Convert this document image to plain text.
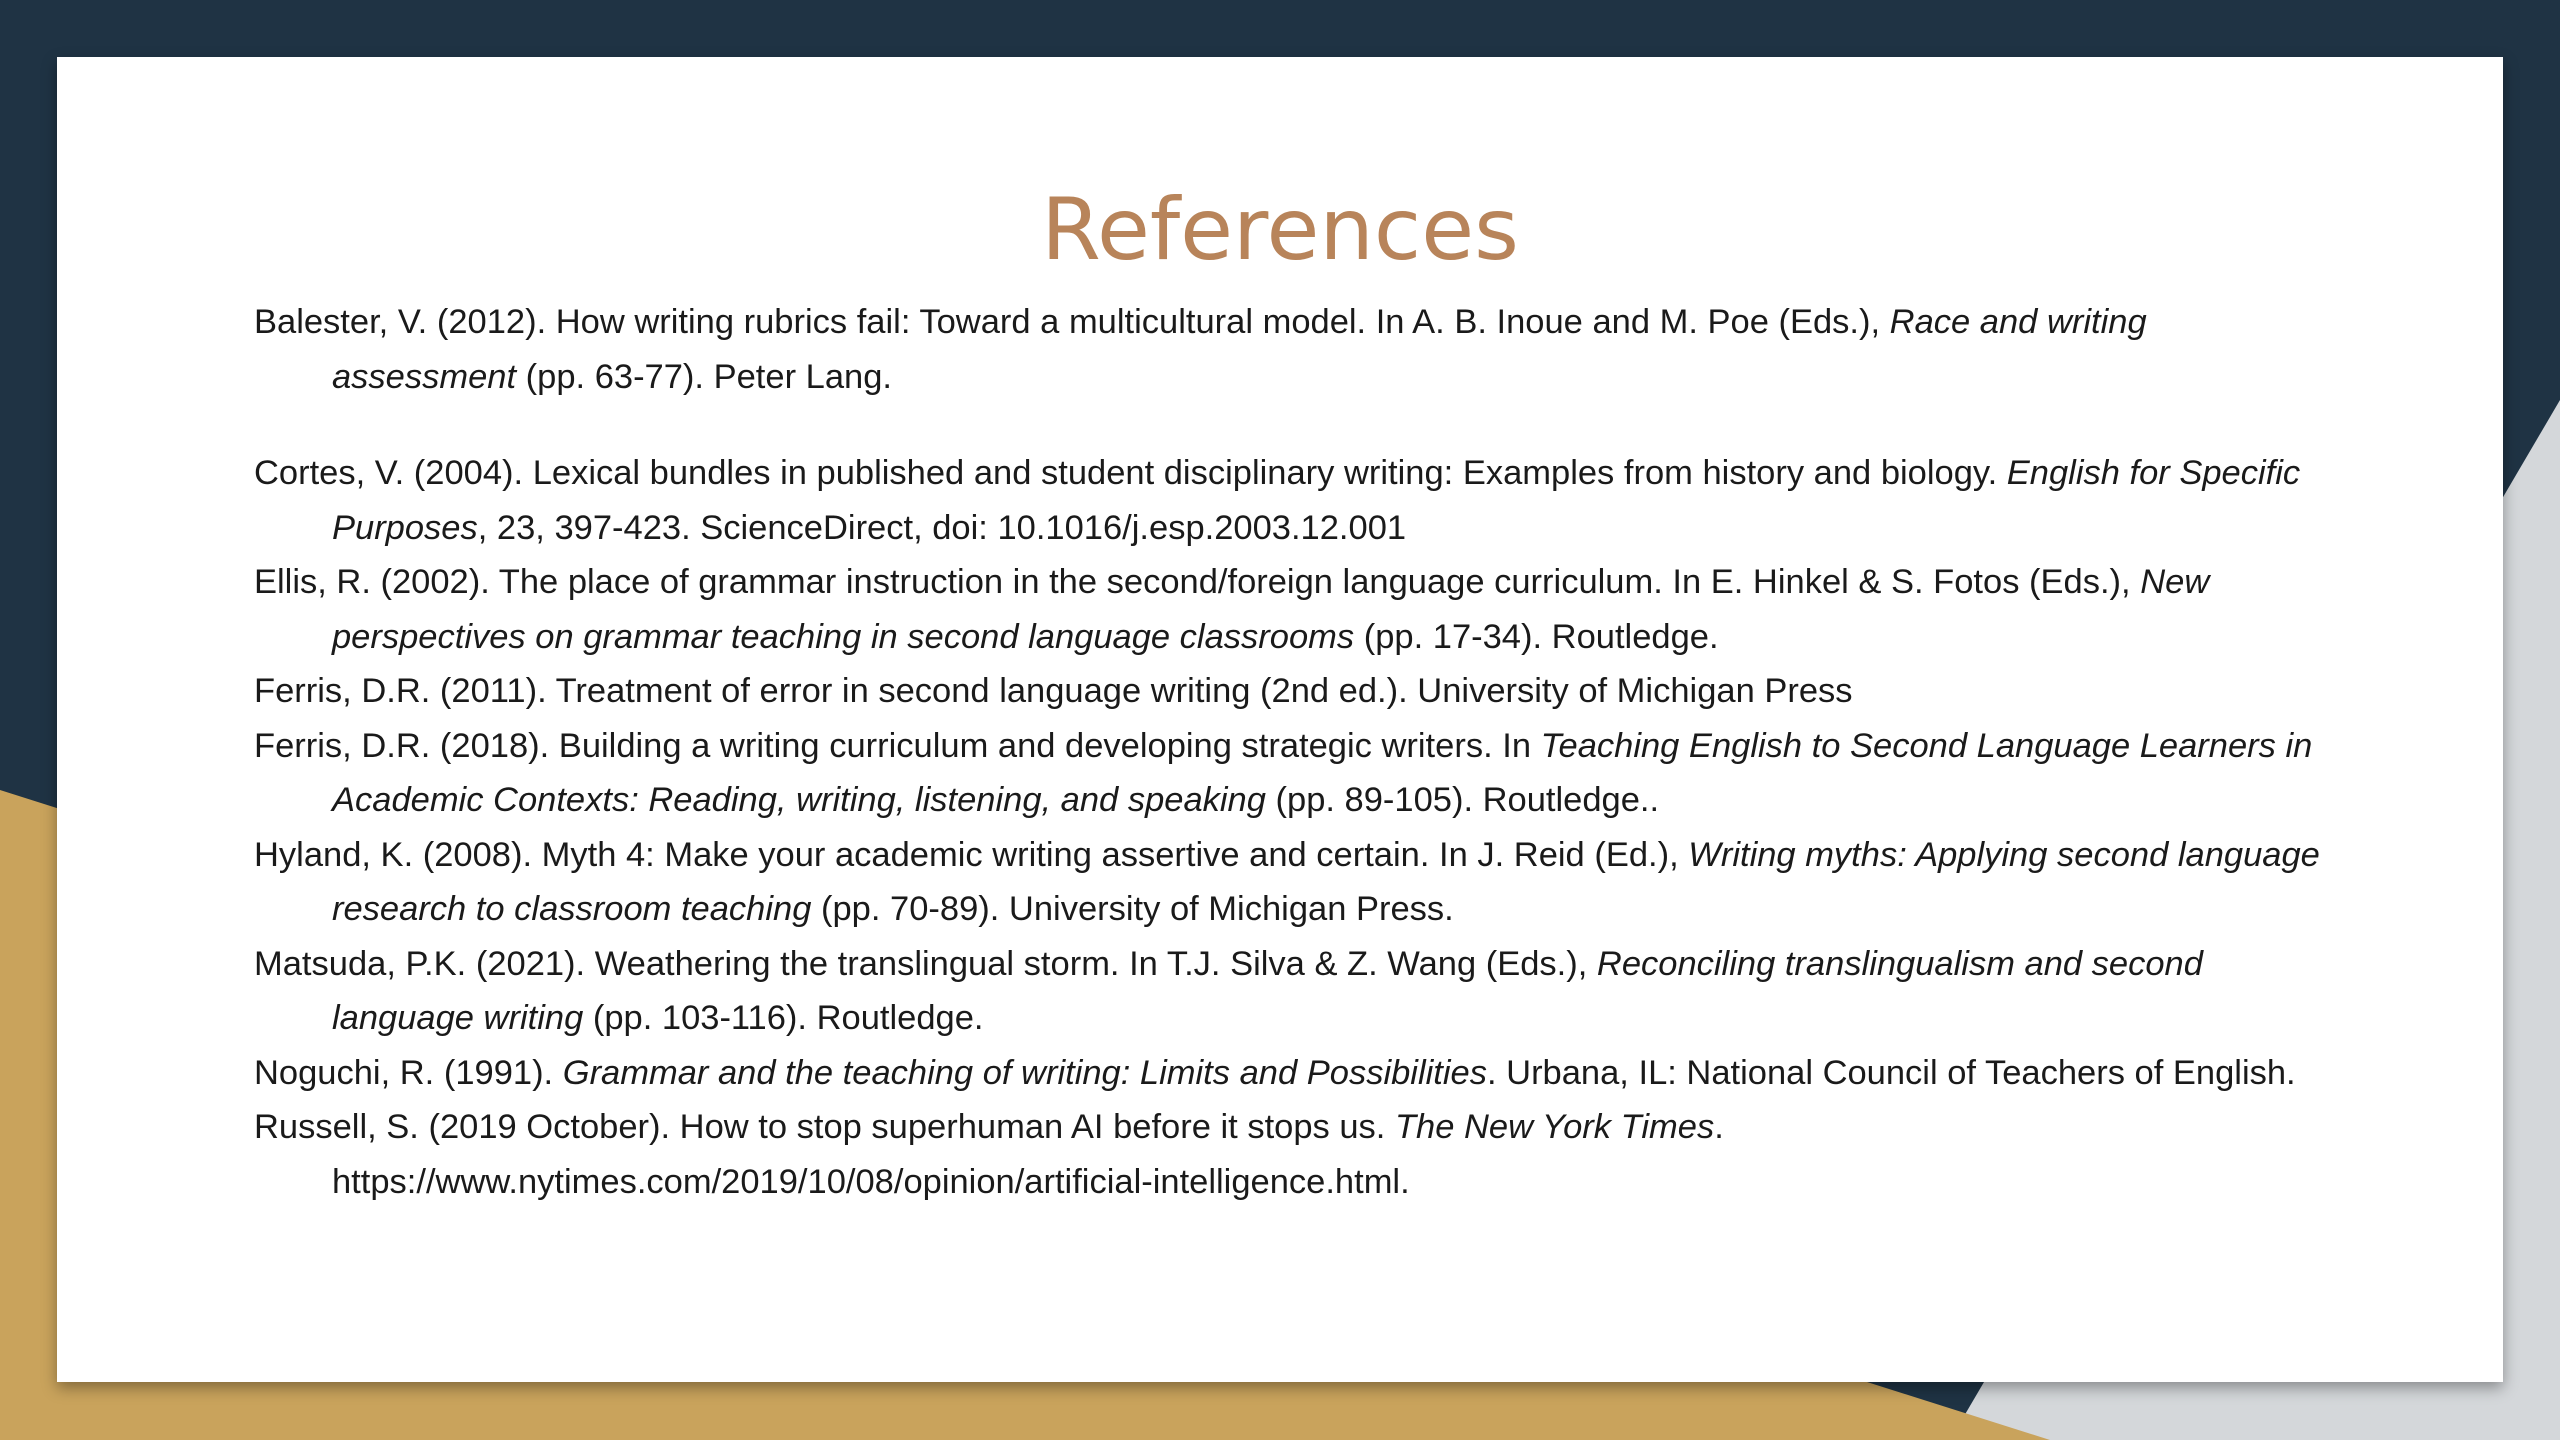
References

Balester, V. (2012). How writing rubrics fail: Toward a multicultural model. In A. B. Inoue and M. Poe (Eds.), Race and writing assessment (pp. 63-77). Peter Lang.

Cortes, V. (2004). Lexical bundles in published and student disciplinary writing: Examples from history and biology. English for Specific Purposes, 23, 397-423. ScienceDirect, doi: 10.1016/j.esp.2003.12.001

Ellis, R. (2002). The place of grammar instruction in the second/foreign language curriculum. In E. Hinkel & S. Fotos (Eds.), New perspectives on grammar teaching in second language classrooms (pp. 17-34). Routledge.

Ferris, D.R. (2011). Treatment of error in second language writing (2nd ed.). University of Michigan Press

Ferris, D.R. (2018). Building a writing curriculum and developing strategic writers. In Teaching English to Second Language Learners in Academic Contexts: Reading, writing, listening, and speaking (pp. 89-105). Routledge..

Hyland, K. (2008). Myth 4: Make your academic writing assertive and certain. In J. Reid (Ed.), Writing myths: Applying second language research to classroom teaching (pp. 70-89). University of Michigan Press.

Matsuda, P.K. (2021). Weathering the translingual storm. In T.J. Silva & Z. Wang (Eds.), Reconciling translingualism and second language writing (pp. 103-116). Routledge.

Noguchi, R. (1991). Grammar and the teaching of writing: Limits and Possibilities. Urbana, IL: National Council of Teachers of English.

Russell, S. (2019 October). How to stop superhuman AI before it stops us. The New York Times. https://www.nytimes.com/2019/10/08/opinion/artificial-intelligence.html.
